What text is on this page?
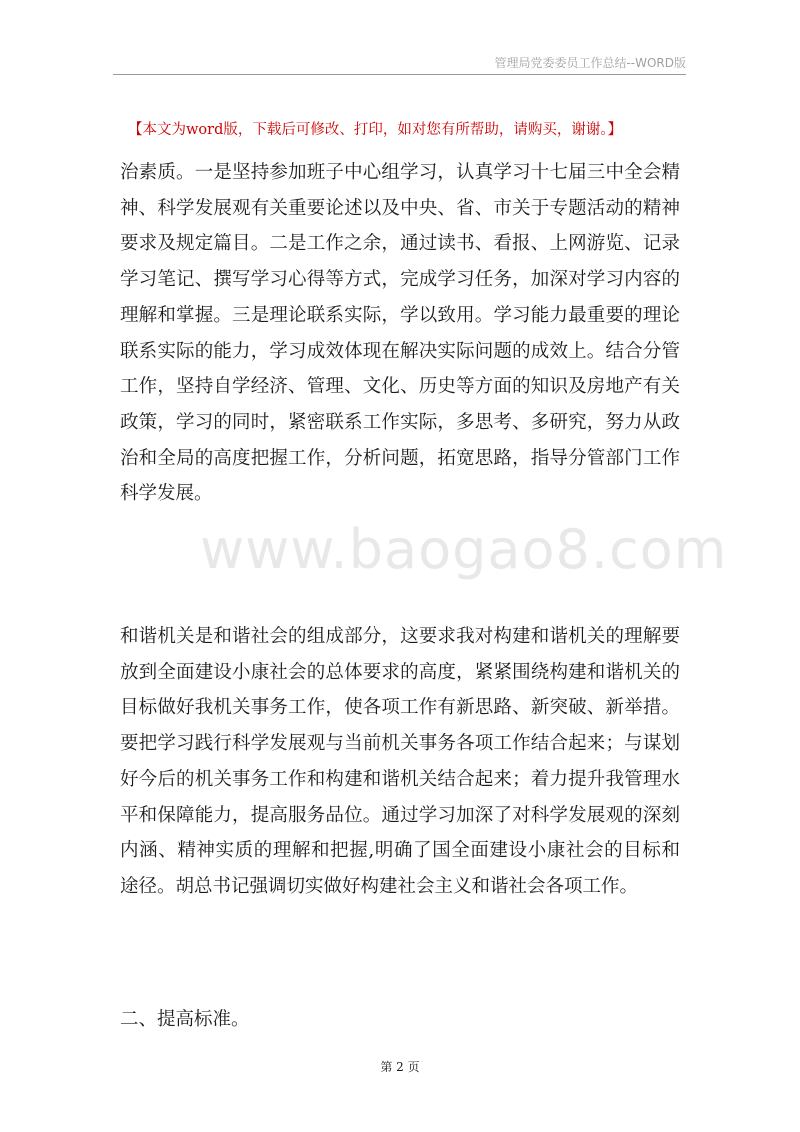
管理局党委委员工作总结--WORD版
【本文为word版，下载后可修改、打印，如对您有所帮助，请购买，谢谢。】

治素质。一是坚持参加班子中心组学习，认真学习十七届三中全会精神、科学发展观有关重要论述以及中央、省、市关于专题活动的精神要求及规定篇目。二是工作之余，通过读书、看报、上网游览、记录学习笔记、撰写学习心得等方式，完成学习任务，加深对学习内容的理解和掌握。三是理论联系实际，学以致用。学习能力最重要的理论联系实际的能力，学习成效体现在解决实际问题的成效上。结合分管工作，坚持自学经济、管理、文化、历史等方面的知识及房地产有关政策，学习的同时，紧密联系工作实际，多思考、多研究，努力从政治和全局的高度把握工作，分析问题，拓宽思路，指导分管部门工作科学发展。

www.baogao8.com

和谐机关是和谐社会的组成部分，这要求我对构建和谐机关的理解要放到全面建设小康社会的总体要求的高度，紧紧围绕构建和谐机关的目标做好我机关事务工作，使各项工作有新思路、新突破、新举措。要把学习践行科学发展观与当前机关事务各项工作结合起来；与谋划好今后的机关事务工作和构建和谐机关结合起来；着力提升我管理水平和保障能力，提高服务品位。通过学习加深了对科学发展观的深刻内涵、精神实质的理解和把握,明确了国全面建设小康社会的目标和途径。胡总书记强调切实做好构建社会主义和谐社会各项工作。

二、提高标准。

第 2 页
